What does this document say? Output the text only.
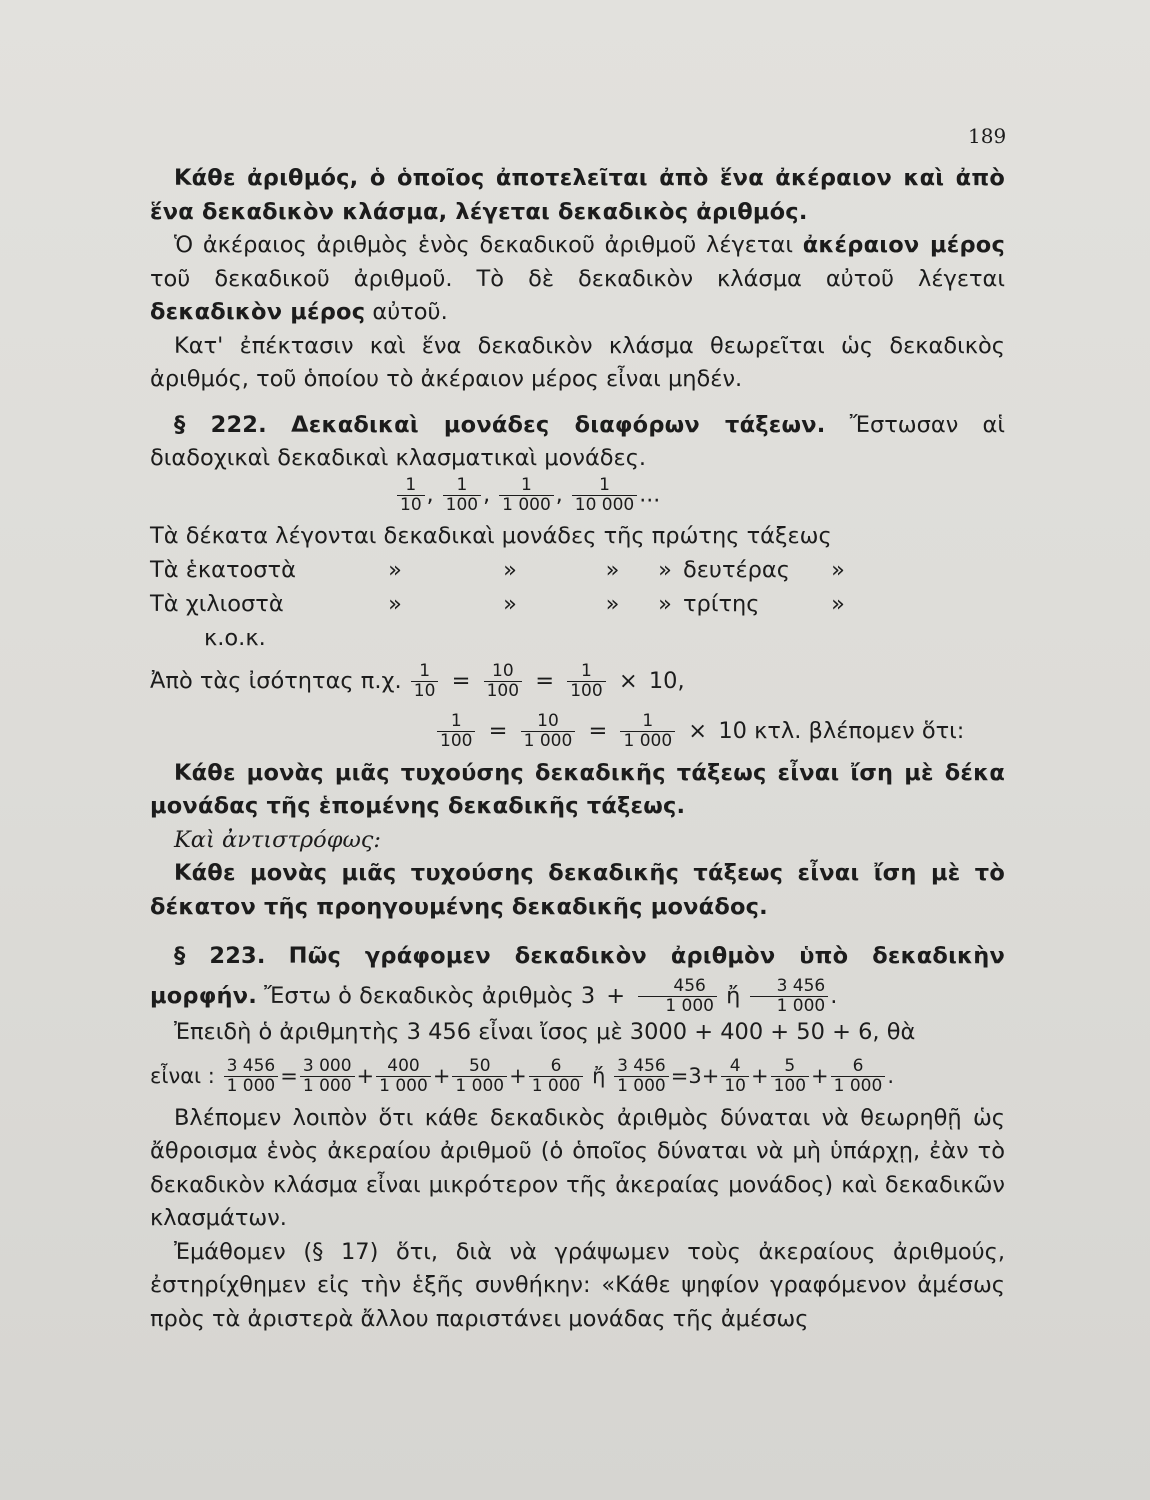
189

Κάθε ἀριθμός, ὁ ὁποῖος ἀποτελεῖται ἀπὸ ἕνα ἀκέραιον καὶ ἀπὸ ἕνα δεκαδικὸν κλάσμα, λέγεται δεκαδικὸς ἀριθμός.

Ὁ ἀκέραιος ἀριθμὸς ἑνὸς δεκαδικοῦ ἀριθμοῦ λέγεται ἀκέραιον μέρος τοῦ δεκαδικοῦ ἀριθμοῦ. Τὸ δὲ δεκαδικὸν κλάσμα αὐτοῦ λέγεται δεκαδικὸν μέρος αὐτοῦ.

Κατ' ἐπέκτασιν καὶ ἕνα δεκαδικὸν κλάσμα θεωρεῖται ὡς δεκαδικὸς ἀριθμός, τοῦ ὁποίου τὸ ἀκέραιον μέρος εἶναι μηδέν.

§ 222. Δεκαδικαὶ μονάδες διαφόρων τάξεων. Ἔστωσαν αἱ διαδοχικαὶ δεκαδικαὶ κλασματικαὶ μονάδες.

$\frac{1}{10}$ , $\frac{1}{100}$ , $\frac{1}{1 000}$ , $\frac{1}{10 000}$ ...

Τὰ δέκατα λέγονται δεκαδικαὶ μονάδες τῆς πρώτης τάξεως
Τὰ ἑκατοστὰ	»	»	»	» δευτέρας	»
Τὰ χιλιοστὰ	»	»	»	» τρίτης	»
κ.ο.κ.
Ἀπὸ τὰς ἰσότητας π.χ. $\frac{1}{10} = \frac{10}{100} = \frac{1}{100} \times 10$,
$\frac{1}{100} = \frac{10}{1 000} = \frac{1}{1 000} \times 10$ κτλ. βλέπομεν ὅτι:

Κάθε μονὰς μιᾶς τυχούσης δεκαδικῆς τάξεως εἶναι ἴση μὲ δέκα μονάδας τῆς ἑπομένης δεκαδικῆς τάξεως.

Καὶ ἀντιστρόφως:

Κάθε μονὰς μιᾶς τυχούσης δεκαδικῆς τάξεως εἶναι ἴση μὲ τὸ δέκατον τῆς προηγουμένης δεκαδικῆς μονάδος.

§ 223. Πῶς γράφομεν δεκαδικὸν ἀριθμὸν ὑπὸ δεκαδικὴν μορφήν. Ἔστω ὁ δεκαδικὸς ἀριθμὸς $3 + \frac{456}{1 000}$ ἤ $\frac{3 456}{1 000}$ .

Ἐπειδὴ ὁ ἀριθμητὴς 3 456 εἶναι ἴσος μὲ 3000 + 400 + 50 + 6, θὰ

εἶναι : $\frac{3 456}{1 000} = \frac{3 000}{1 000} + \frac{400}{1 000} + \frac{50}{1 000} + \frac{6}{1 000}$ ἤ $\frac{3 456}{1 000} =3+ \frac{4}{10} + \frac{5}{100} + \frac{6}{1 000}$ .

Βλέπομεν λοιπὸν ὅτι κάθε δεκαδικὸς ἀριθμὸς δύναται νὰ θεωρηθῇ ὡς ἄθροισμα ἑνὸς ἀκεραίου ἀριθμοῦ (ὁ ὁποῖος δύναται νὰ μὴ ὑπάρχῃ, ἐὰν τὸ δεκαδικὸν κλάσμα εἶναι μικρότερον τῆς ἀκεραίας μονάδος) καὶ δεκαδικῶν κλασμάτων.

Ἐμάθομεν (§ 17) ὅτι, διὰ νὰ γράψωμεν τοὺς ἀκεραίους ἀριθμούς, ἐστηρίχθημεν εἰς τὴν ἑξῆς συνθήκην: «Κάθε ψηφίον γραφόμενον ἀμέσως πρὸς τὰ ἀριστερὰ ἄλλου παριστάνει μονάδας τῆς ἀμέσως
